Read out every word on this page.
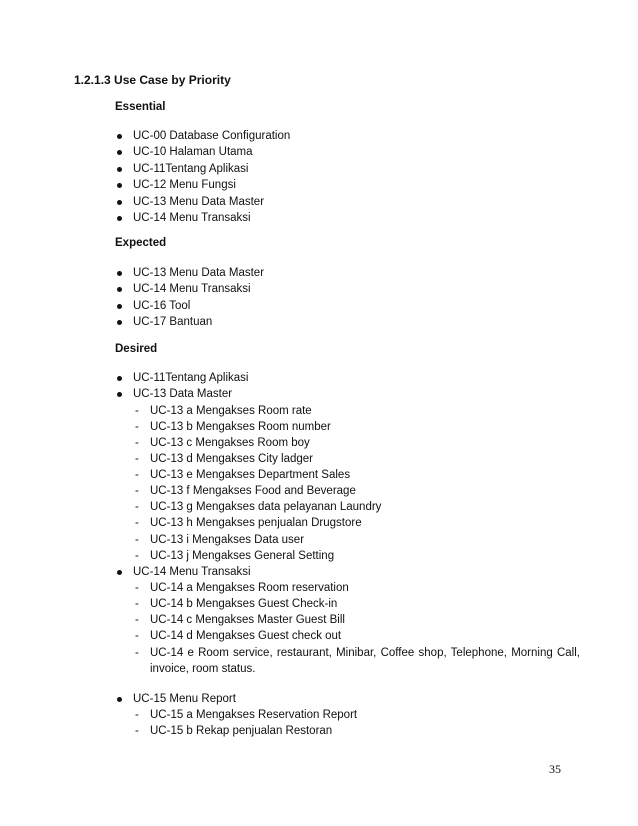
1.2.1.3 Use Case by Priority
Essential
UC-00 Database Configuration
UC-10 Halaman Utama
UC-11Tentang Aplikasi
UC-12 Menu Fungsi
UC-13 Menu Data Master
UC-14 Menu Transaksi
Expected
UC-13 Menu Data Master
UC-14 Menu Transaksi
UC-16 Tool
UC-17 Bantuan
Desired
UC-11Tentang Aplikasi
UC-13 Data Master
- UC-13 a Mengakses Room rate
- UC-13 b Mengakses Room number
- UC-13 c Mengakses Room boy
- UC-13 d Mengakses City ladger
- UC-13 e Mengakses Department Sales
- UC-13 f Mengakses Food and Beverage
- UC-13 g Mengakses data pelayanan Laundry
- UC-13 h Mengakses penjualan Drugstore
- UC-13 i Mengakses Data user
- UC-13 j Mengakses General Setting
UC-14 Menu Transaksi
- UC-14 a Mengakses Room reservation
- UC-14 b Mengakses Guest Check-in
- UC-14 c Mengakses Master Guest Bill
- UC-14 d Mengakses Guest check out
- UC-14 e Room service, restaurant, Minibar, Coffee shop, Telephone, Morning Call, invoice, room status.
UC-15 Menu Report
- UC-15 a Mengakses Reservation Report
- UC-15 b Rekap penjualan Restoran
35
